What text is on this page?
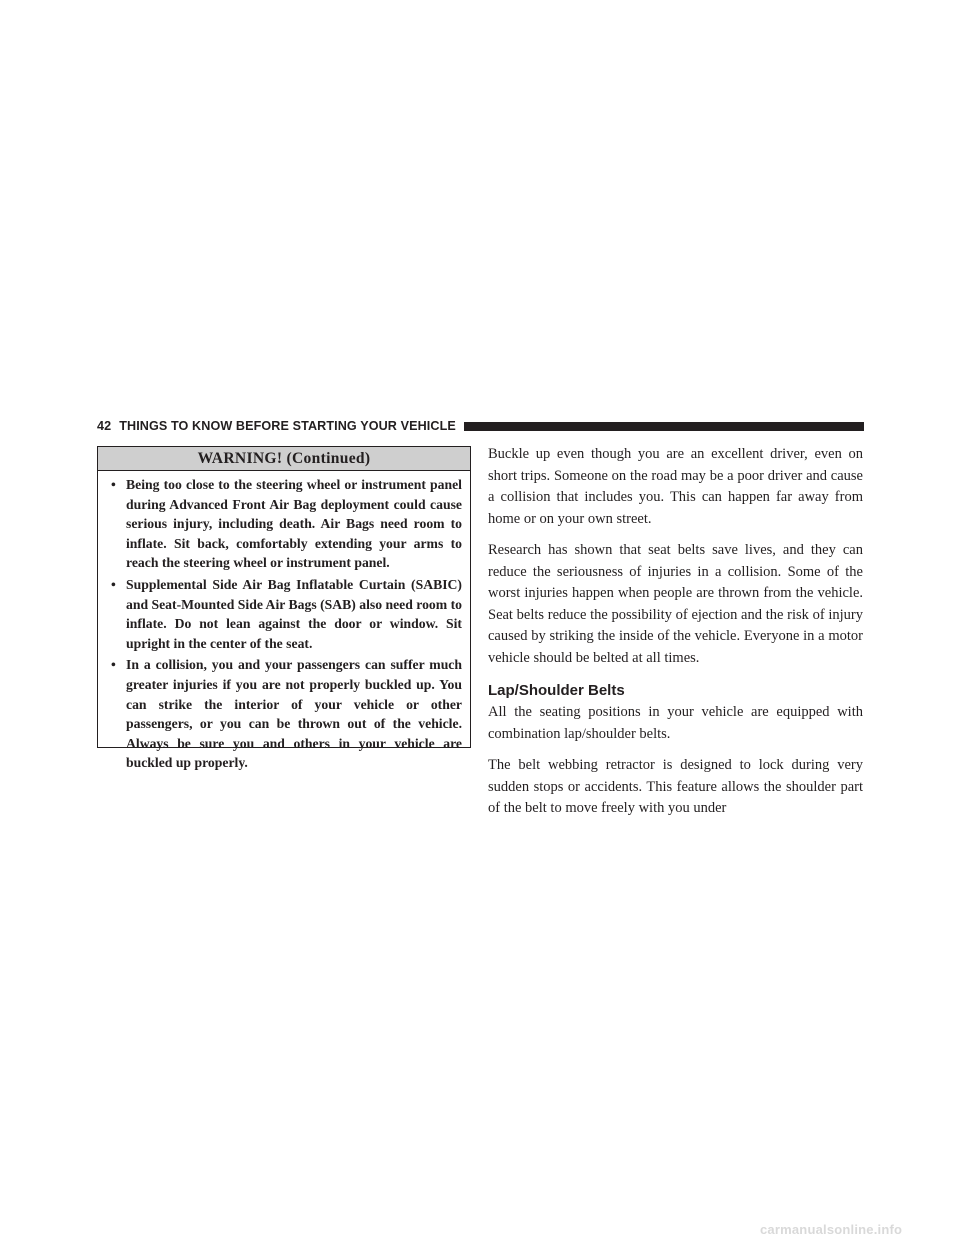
42 THINGS TO KNOW BEFORE STARTING YOUR VEHICLE
WARNING! (Continued)
• Being too close to the steering wheel or instrument panel during Advanced Front Air Bag deployment could cause serious injury, including death. Air Bags need room to inflate. Sit back, comfortably extending your arms to reach the steering wheel or instrument panel.
• Supplemental Side Air Bag Inflatable Curtain (SABIC) and Seat-Mounted Side Air Bags (SAB) also need room to inflate. Do not lean against the door or window. Sit upright in the center of the seat.
• In a collision, you and your passengers can suffer much greater injuries if you are not properly buckled up. You can strike the interior of your vehicle or other passengers, or you can be thrown out of the vehicle. Always be sure you and others in your vehicle are buckled up properly.

Buckle up even though you are an excellent driver, even on short trips. Someone on the road may be a poor driver and cause a collision that includes you. This can happen far away from home or on your own street.

Research has shown that seat belts save lives, and they can reduce the seriousness of injuries in a collision. Some of the worst injuries happen when people are thrown from the vehicle. Seat belts reduce the possibility of ejection and the risk of injury caused by striking the inside of the vehicle. Everyone in a motor vehicle should be belted at all times.

Lap/Shoulder Belts

All the seating positions in your vehicle are equipped with combination lap/shoulder belts.

The belt webbing retractor is designed to lock during very sudden stops or accidents. This feature allows the shoulder part of the belt to move freely with you under

carmanualsonline.info
